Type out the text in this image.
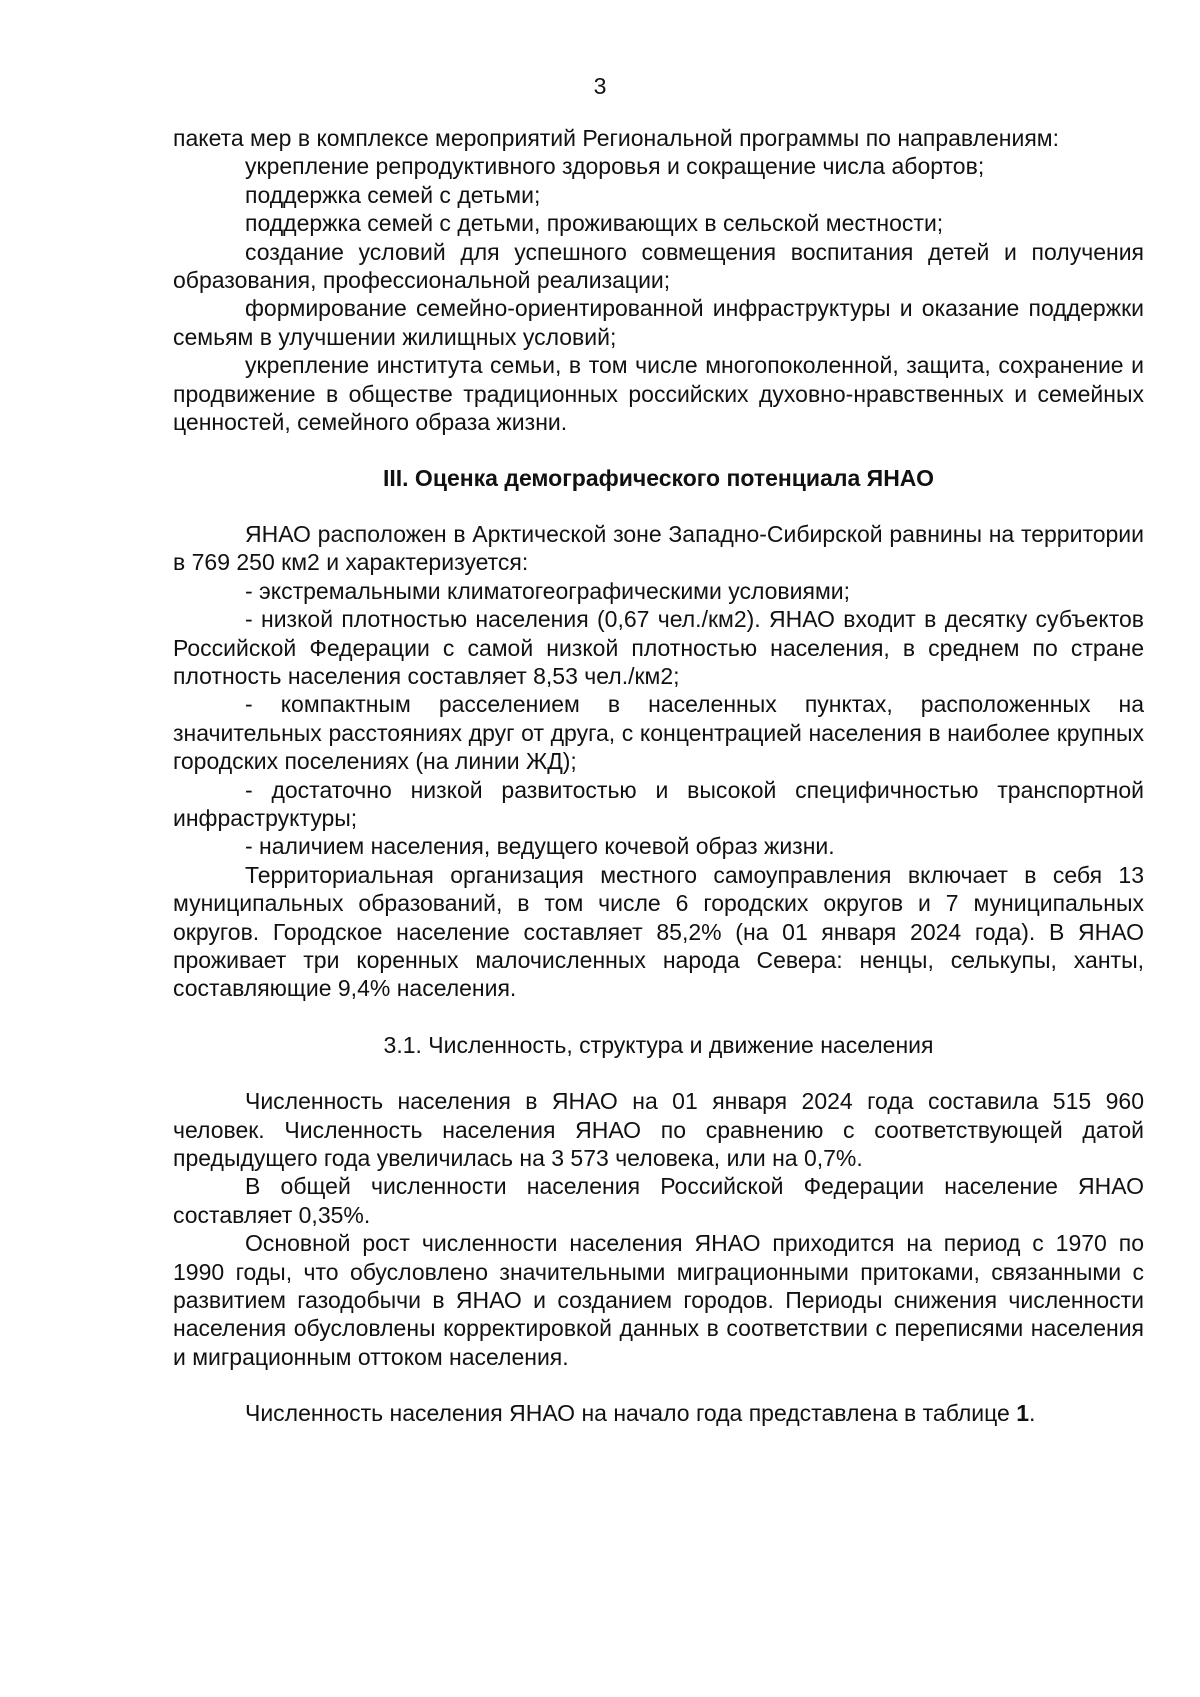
3

пакета мер в комплексе мероприятий Региональной программы по направлениям:

укрепление репродуктивного здоровья и сокращение числа абортов;

поддержка семей с детьми;

поддержка семей с детьми, проживающих в сельской местности;

создание условий для успешного совмещения воспитания детей и получения образования, профессиональной реализации;

формирование семейно-ориентированной инфраструктуры и оказание поддержки семьям в улучшении жилищных условий;

укрепление института семьи, в том числе многопоколенной, защита, сохранение и продвижение в обществе традиционных российских духовно-нравственных и семейных ценностей, семейного образа жизни.

III. Оценка демографического потенциала ЯНАО

ЯНАО расположен в Арктической зоне Западно-Сибирской равнины на территории в 769 250 км2 и характеризуется:

- экстремальными климатогеографическими условиями;

- низкой плотностью населения (0,67 чел./км2). ЯНАО входит в десятку субъектов Российской Федерации с самой низкой плотностью населения, в среднем по стране плотность населения составляет 8,53 чел./км2;

- компактным расселением в населенных пунктах, расположенных на значительных расстояниях друг от друга, с концентрацией населения в наиболее крупных городских поселениях (на линии ЖД);

- достаточно низкой развитостью и высокой специфичностью транспортной инфраструктуры;

- наличием населения, ведущего кочевой образ жизни.

Территориальная организация местного самоуправления включает в себя 13 муниципальных образований, в том числе 6 городских округов и 7 муниципальных округов. Городское население составляет 85,2% (на 01 января 2024 года). В ЯНАО проживает три коренных малочисленных народа Севера: ненцы, селькупы, ханты, составляющие 9,4% населения.

3.1. Численность, структура и движение населения

Численность населения в ЯНАО на 01 января 2024 года составила 515 960 человек. Численность населения ЯНАО по сравнению с соответствующей датой предыдущего года увеличилась на 3 573 человека, или на 0,7%.

В общей численности населения Российской Федерации население ЯНАО составляет 0,35%.

Основной рост численности населения ЯНАО приходится на период с 1970 по 1990 годы, что обусловлено значительными миграционными притоками, связанными с развитием газодобычи в ЯНАО и созданием городов. Периоды снижения численности населения обусловлены корректировкой данных в соответствии с переписями населения и миграционным оттоком населения.

Численность населения ЯНАО на начало года представлена в таблице 1.
